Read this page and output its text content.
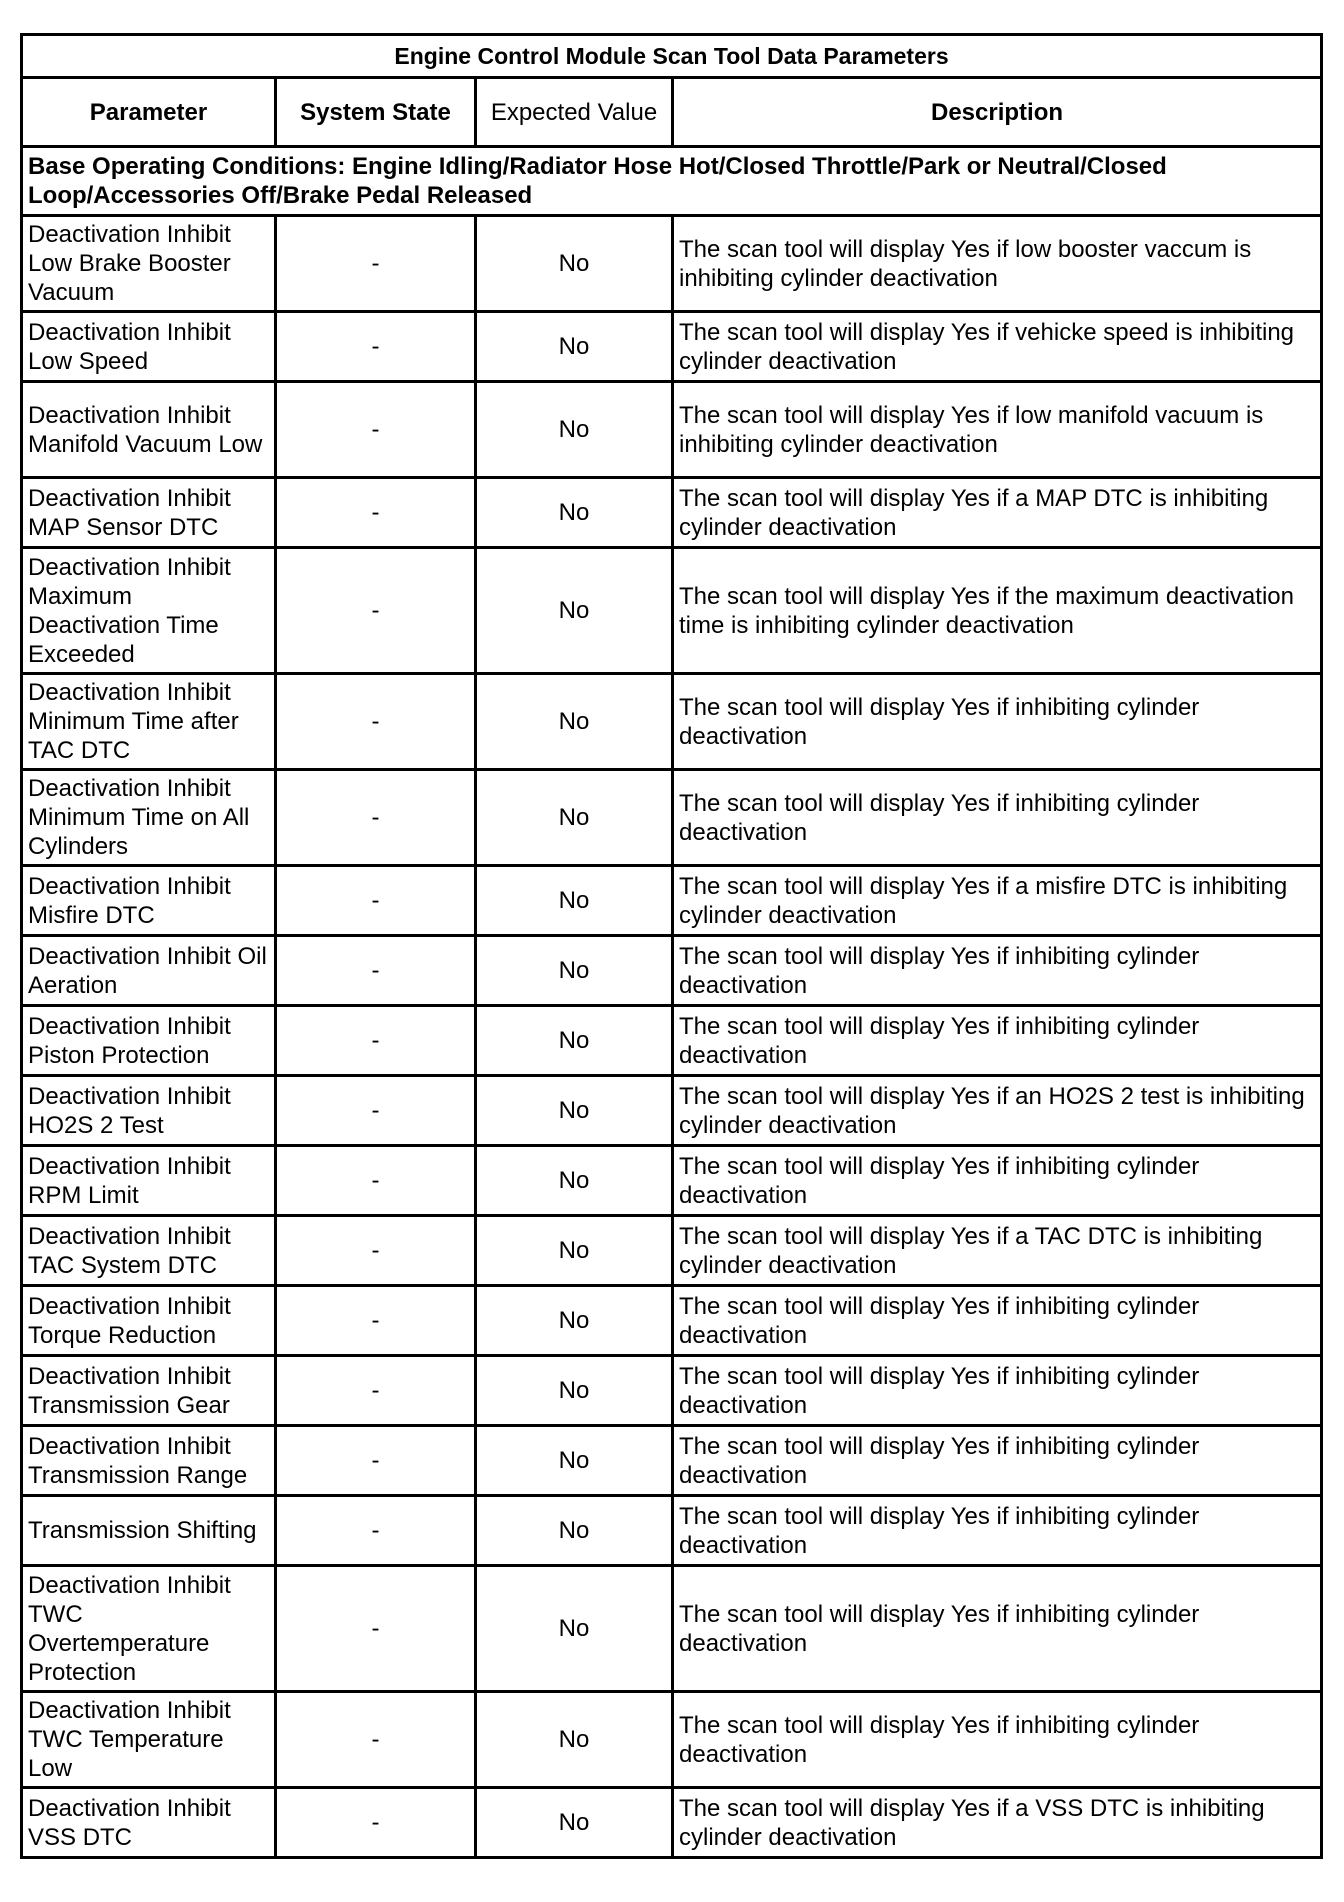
Engine Control Module Scan Tool Data Parameters			
Parameter	System State	Expected Value	Description
Base Operating Conditions: Engine Idling/Radiator Hose Hot/Closed Throttle/Park or Neutral/Closed Loop/Accessories Off/Brake Pedal Released			
Deactivation Inhibit Low Brake Booster Vacuum	-	No	The scan tool will display Yes if low booster vaccum is inhibiting cylinder deactivation
Deactivation Inhibit Low Speed	-	No	The scan tool will display Yes if vehicke speed is inhibiting cylinder deactivation
Deactivation Inhibit Manifold Vacuum Low	-	No	The scan tool will display Yes if low manifold vacuum is inhibiting cylinder deactivation
Deactivation Inhibit MAP Sensor DTC	-	No	The scan tool will display Yes if a MAP DTC is inhibiting cylinder deactivation
Deactivation Inhibit Maximum Deactivation Time Exceeded	-	No	The scan tool will display Yes if the maximum deactivation time is inhibiting cylinder deactivation
Deactivation Inhibit Minimum Time after TAC DTC	-	No	The scan tool will display Yes if inhibiting cylinder deactivation
Deactivation Inhibit Minimum Time on All Cylinders	-	No	The scan tool will display Yes if inhibiting cylinder deactivation
Deactivation Inhibit Misfire DTC	-	No	The scan tool will display Yes if a misfire DTC is inhibiting cylinder deactivation
Deactivation Inhibit Oil Aeration	-	No	The scan tool will display Yes if inhibiting cylinder deactivation
Deactivation Inhibit Piston Protection	-	No	The scan tool will display Yes if inhibiting cylinder deactivation
Deactivation Inhibit HO2S 2 Test	-	No	The scan tool will display Yes if an HO2S 2 test is inhibiting cylinder deactivation
Deactivation Inhibit RPM Limit	-	No	The scan tool will display Yes if inhibiting cylinder deactivation
Deactivation Inhibit TAC System DTC	-	No	The scan tool will display Yes if a TAC DTC is inhibiting cylinder deactivation
Deactivation Inhibit Torque Reduction	-	No	The scan tool will display Yes if inhibiting cylinder deactivation
Deactivation Inhibit Transmission Gear	-	No	The scan tool will display Yes if inhibiting cylinder deactivation
Deactivation Inhibit Transmission Range	-	No	The scan tool will display Yes if inhibiting cylinder deactivation
Transmission Shifting	-	No	The scan tool will display Yes if inhibiting cylinder deactivation
Deactivation Inhibit TWC Overtemperature Protection	-	No	The scan tool will display Yes if inhibiting cylinder deactivation
Deactivation Inhibit TWC Temperature Low	-	No	The scan tool will display Yes if inhibiting cylinder deactivation
Deactivation Inhibit VSS DTC	-	No	The scan tool will display Yes if a VSS DTC is inhibiting cylinder deactivation
